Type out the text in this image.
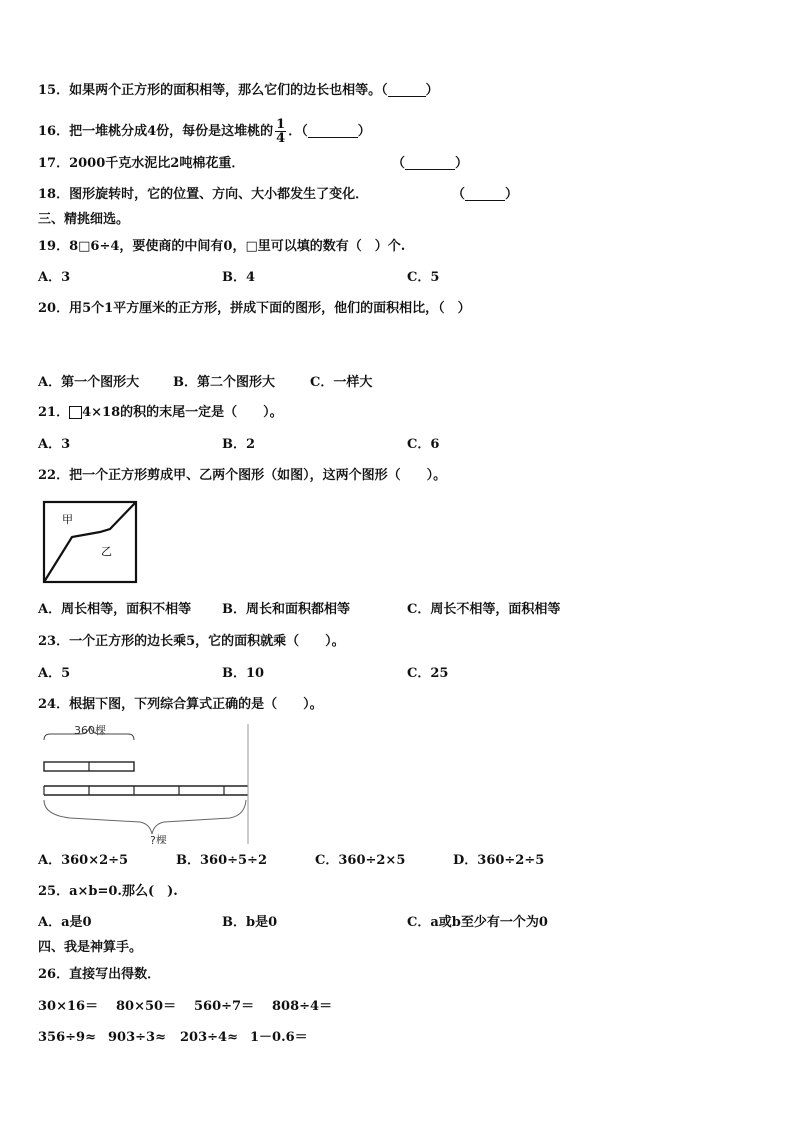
15．如果两个正方形的面积相等，那么它们的边长也相等。（	）
16．把一堆桃分成4份，每份是这堆桃的 $\frac{1}{4}$ ．（	）
17．2000千克水泥比2吨棉花重．	（	）
18．图形旋转时，它的位置、方向、大小都发生了变化．	（	）
三、精挑细选。
19．8□6÷4，要使商的中间有0，□里可以填的数有（　）个.
A．3	B．4	C．5
20．用5个1平方厘米的正方形，拼成下面的图形，他们的面积相比，（　）
A．第一个图形大	B．第二个图形大	C．一样大
21． 4×18的积的末尾一定是（　　）。
A．3	B．2	C．6
22．把一个正方形剪成甲、乙两个图形（如图），这两个图形（　　）。
甲
乙
A．周长相等，面积不相等 B．周长和面积都相等	C．周长不相等，面积相等
23．一个正方形的边长乘5，它的面积就乘（　　）。
A．5	B．10	C．25
24．根据下图，下列综合算式正确的是（　　）。
360棵
?棵
A．360×2÷5	B．360÷5÷2	C．360÷2×5	D．360÷2÷5
25．a×b=0.那么(　).
A．a是0	B．b是0	C．a或b至少有一个为0
四、我是神算手。
26．直接写出得数．
30×16＝ 80×50＝ 560÷7＝ 808÷4＝
356÷9≈ 903÷3≈ 203÷4≈ 1－0.6＝
